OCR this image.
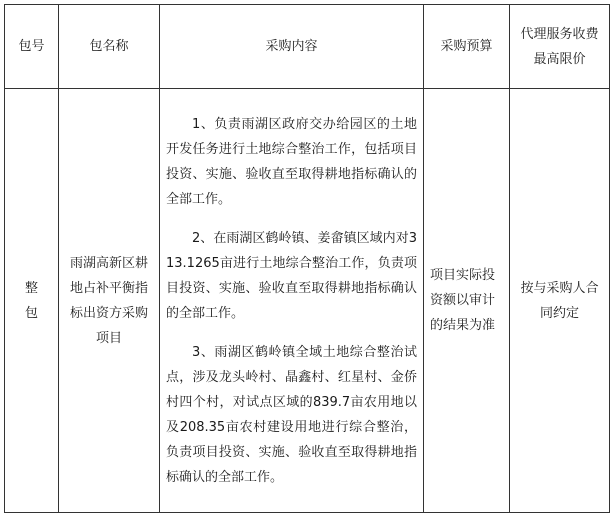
包号	包名称	采购内容	采购预算	代理服务收费最高限价
整包	雨湖高新区耕地占补平衡指标出资方采购项目	1、负责雨湖区政府交办给园区的土地开发任务进行土地综合整治工作，包括项目投资、实施、验收直至取得耕地指标确认的全部工作。

2、在雨湖区鹤岭镇、姜畲镇区域内对313.1265亩进行土地综合整治工作，负责项目投资、实施、验收直至取得耕地指标确认的全部工作。

3、雨湖区鹤岭镇全域土地综合整治试点，涉及龙头岭村、晶鑫村、红星村、金侨村四个村，对试点区域的839.7亩农用地以及208.35亩农村建设用地进行综合整治，负责项目投资、实施、验收直至取得耕地指标确认的全部工作。	项目实际投资额以审计的结果为准	按与采购人合同约定
